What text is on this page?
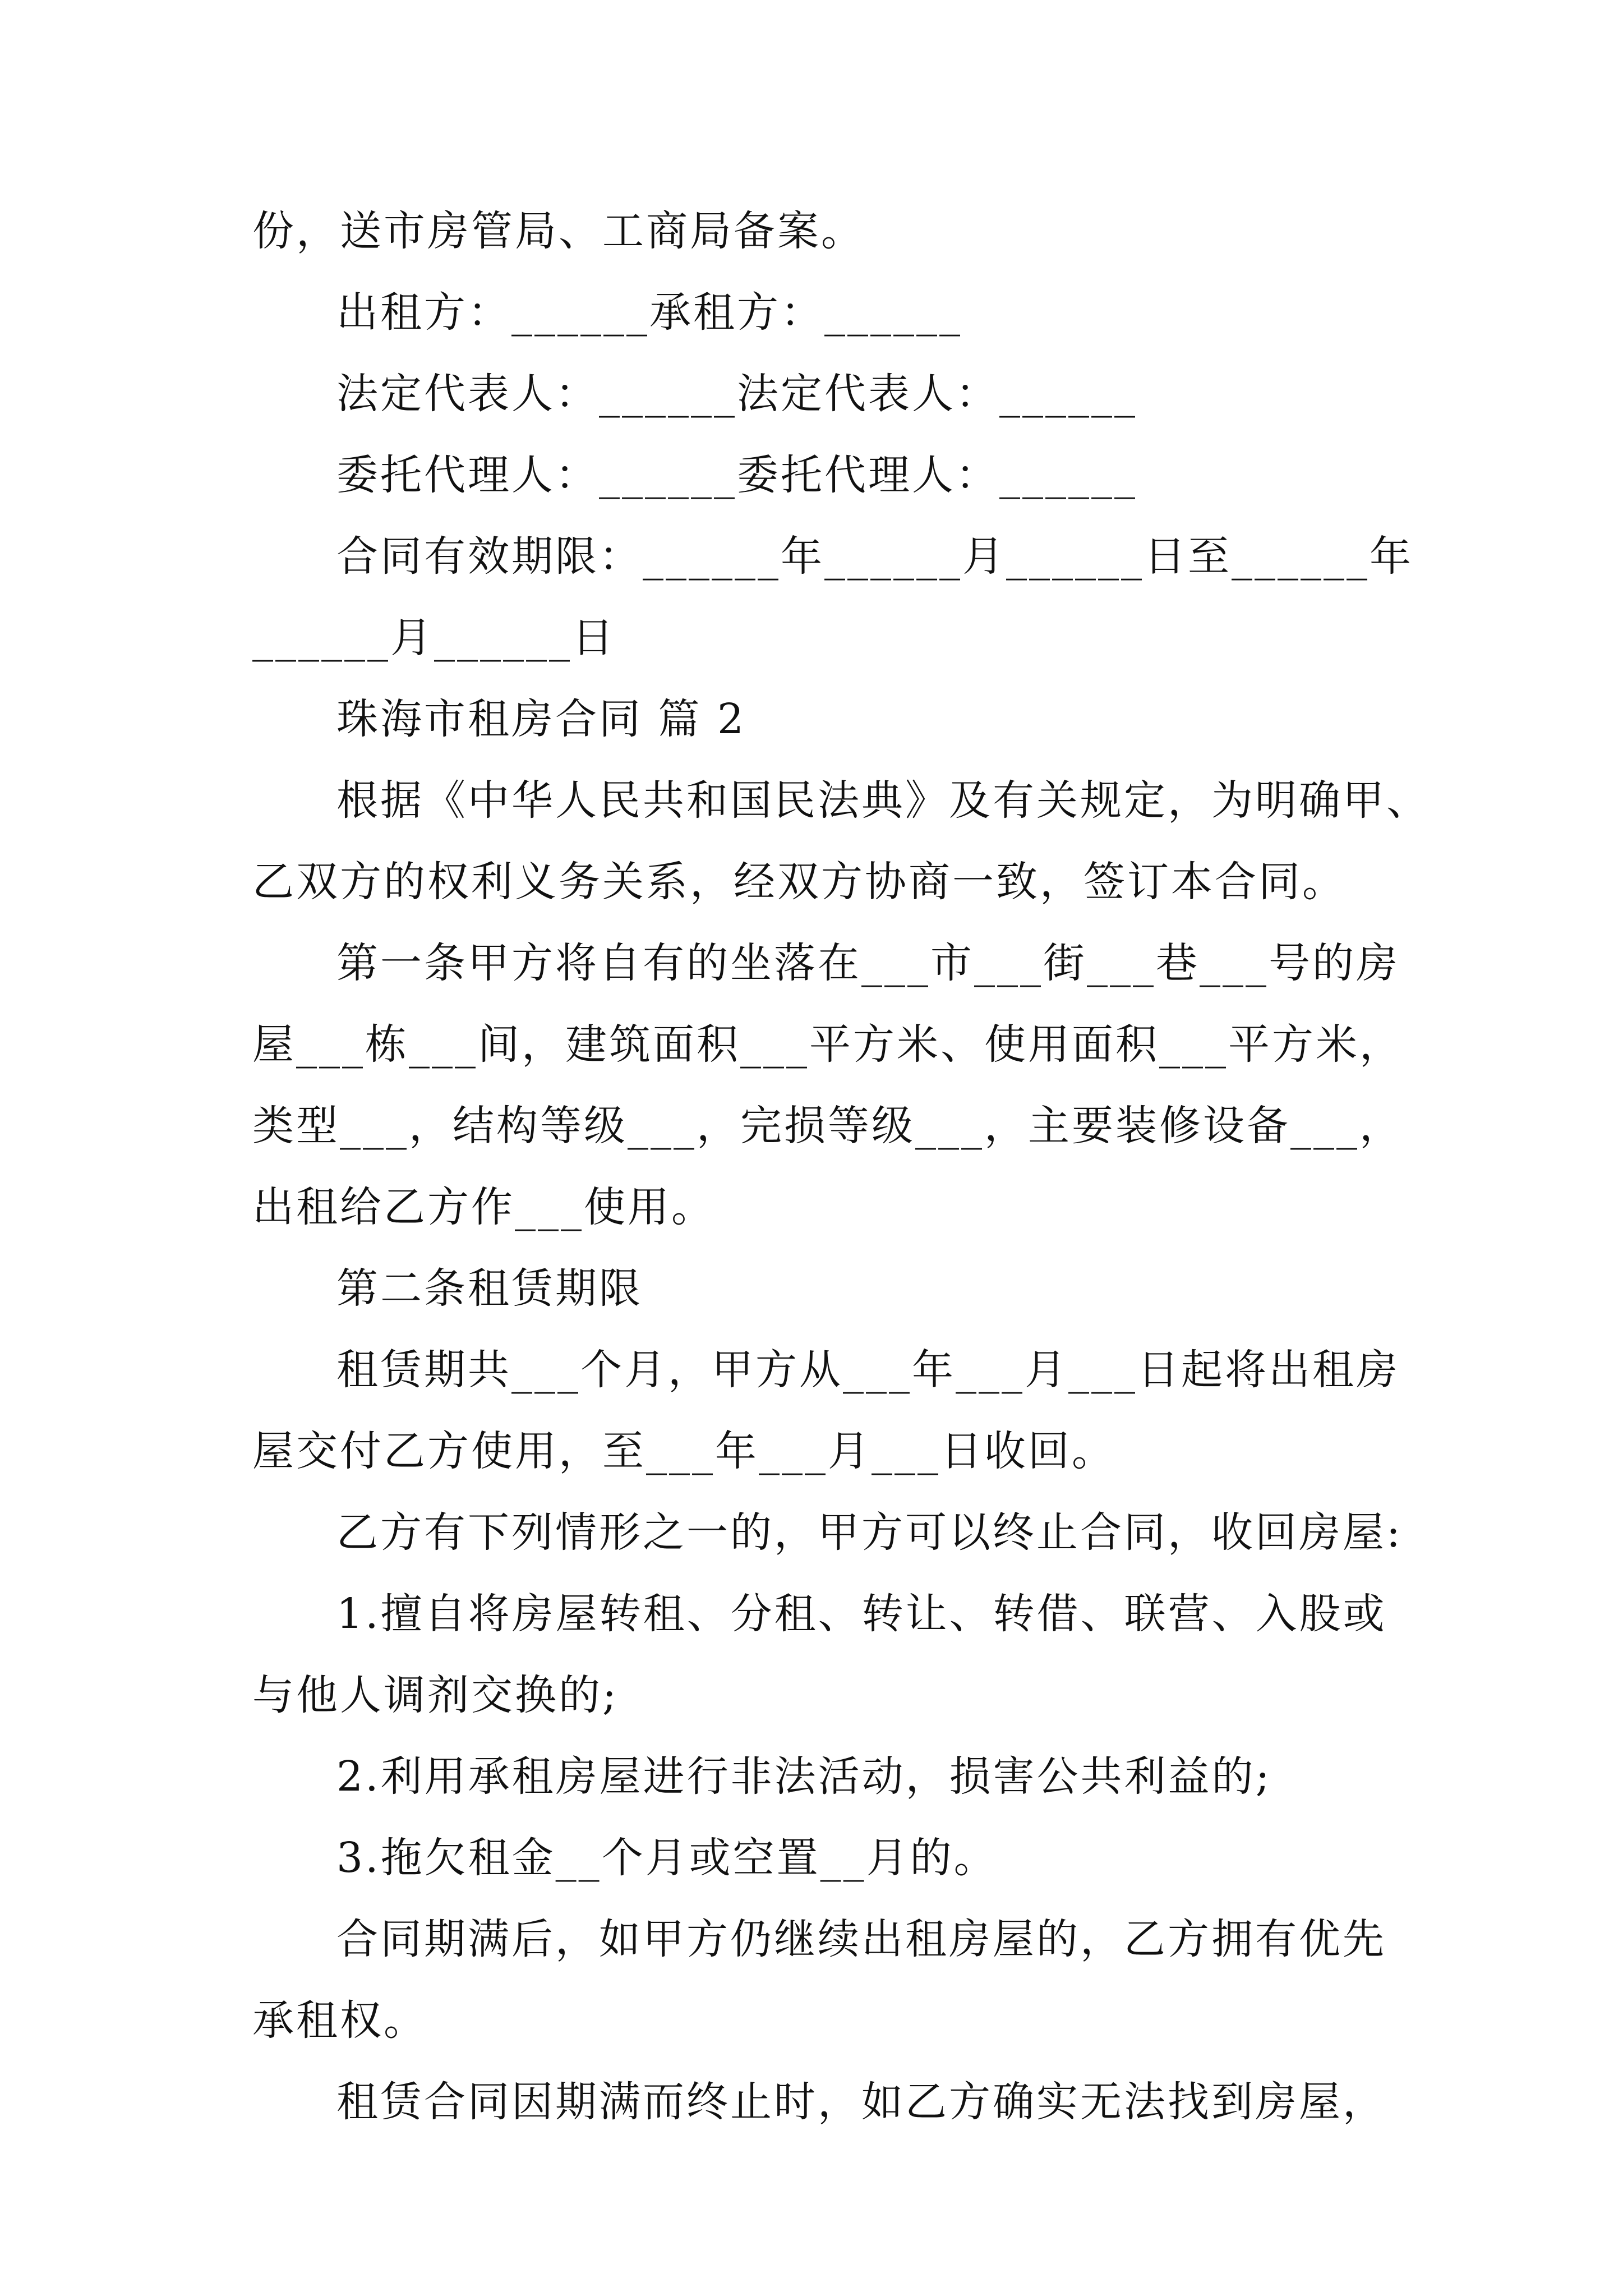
份，送市房管局、工商局备案。
出租方：______承租方：______
法定代表人：______法定代表人：______
委托代理人：______委托代理人：______
合同有效期限：______年______月______日至______年
______月______日
珠海市租房合同 篇 2
根据《中华人民共和国民法典》及有关规定，为明确甲、
乙双方的权利义务关系，经双方协商一致，签订本合同。
第一条甲方将自有的坐落在___市___街___巷___号的房
屋___栋___间，建筑面积___平方米、使用面积___平方米，
类型___，结构等级___，完损等级___，主要装修设备___，
出租给乙方作___使用。
第二条租赁期限
租赁期共___个月，甲方从___年___月___日起将出租房
屋交付乙方使用，至___年___月___日收回。
乙方有下列情形之一的，甲方可以终止合同，收回房屋:
1.擅自将房屋转租、分租、转让、转借、联营、入股或
与他人调剂交换的;
2.利用承租房屋进行非法活动，损害公共利益的;
3.拖欠租金__个月或空置__月的。
合同期满后，如甲方仍继续出租房屋的，乙方拥有优先
承租权。
租赁合同因期满而终止时，如乙方确实无法找到房屋，
